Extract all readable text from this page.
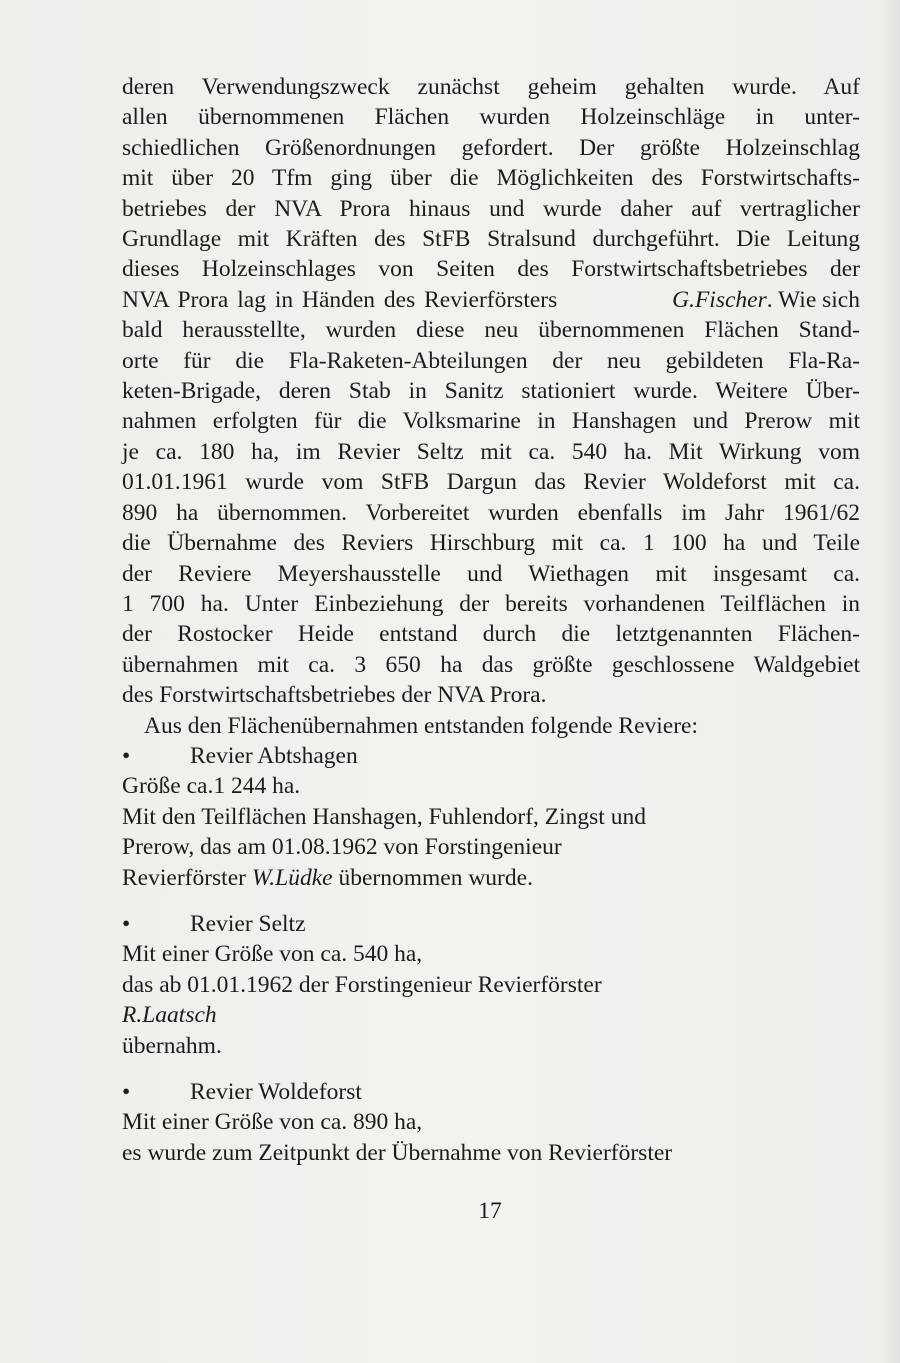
deren Verwendungszweck zunächst geheim gehalten wurde. Auf
allen übernommenen Flächen wurden Holzeinschläge in unter-
schiedlichen Größenordnungen gefordert. Der größte Holzeinschlag
mit über 20 Tfm ging über die Möglichkeiten des Forstwirtschafts-
betriebes der NVA Prora hinaus und wurde daher auf vertraglicher
Grundlage mit Kräften des StFB Stralsund durchgeführt. Die Leitung
dieses Holzeinschlages von Seiten des Forstwirtschaftsbetriebes der
NVA Prora lag in Händen des Revierförsters	G.Fischer. Wie sich
bald herausstellte, wurden diese neu übernommenen Flächen Stand-
orte für die Fla-Raketen-Abteilungen der neu gebildeten Fla-Ra-
keten-Brigade, deren Stab in Sanitz stationiert wurde. Weitere Über-
nahmen erfolgten für die Volksmarine in Hanshagen und Prerow mit
je ca. 180 ha, im Revier Seltz mit ca. 540 ha. Mit Wirkung vom
01.01.1961 wurde vom StFB Dargun das Revier Woldeforst mit ca.
890 ha übernommen. Vorbereitet wurden ebenfalls im Jahr 1961/62
die Übernahme des Reviers Hirschburg mit ca. 1 100 ha und Teile
der Reviere Meyershausstelle und Wiethagen mit insgesamt ca.
1 700 ha. Unter Einbeziehung der bereits vorhandenen Teilflächen in
der Rostocker Heide entstand durch die letztgenannten Flächen-
übernahmen mit ca. 3 650 ha das größte geschlossene Waldgebiet
des Forstwirtschaftsbetriebes der NVA Prora.
Aus den Flächenübernahmen entstanden folgende Reviere:
•	Revier Abtshagen
Größe ca.1 244 ha.
Mit den Teilflächen Hanshagen, Fuhlendorf, Zingst und
Prerow, das am 01.08.1962 von Forstingenieur
Revierförster W.Lüdke übernommen wurde.
•	Revier Seltz
Mit einer Größe von ca. 540 ha,
das ab 01.01.1962 der Forstingenieur Revierförster
R.Laatsch
übernahm.
•	Revier Woldeforst
Mit einer Größe von ca. 890 ha,
es wurde zum Zeitpunkt der Übernahme von Revierförster
17
